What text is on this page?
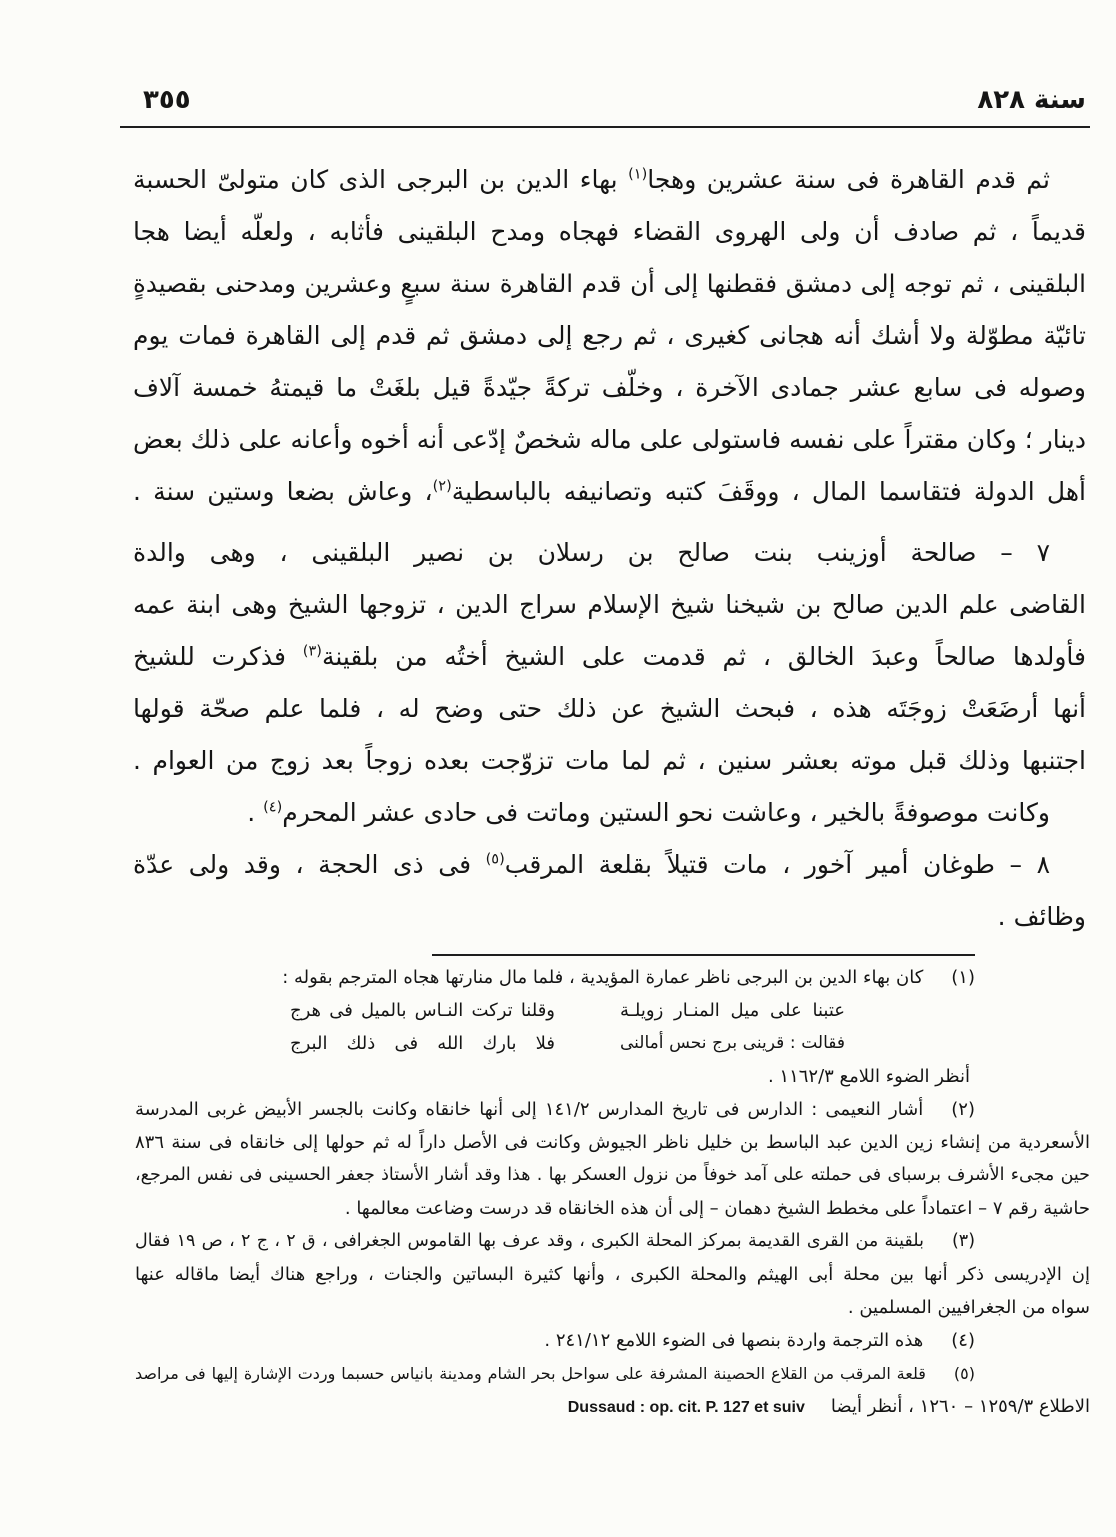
سنة ٨٢٨
٣٥٥
ثم قدم القاهرة فى سنة عشرين وهجا$^{(١)}$ بهاء الدين بن البرجى الذى كان متولىّ الحسبة
قديماً ، ثم صادف أن ولى الهروى القضاء فهجاه ومدح البلقينى فأثابه ، ولعلّه أيضا هجا
البلقينى ، ثم توجه إلى دمشق فقطنها إلى أن قدم القاهرة سنة سبعٍ وعشرين ومدحنى بقصيدةٍ
تائيّة مطوّلة ولا أشك أنه هجانى كغيرى ، ثم رجع إلى دمشق ثم قدم إلى القاهرة فمات يوم
وصوله فى سابع عشر جمادى الآخرة ، وخلّف تركةً جيّدةً قيل بلغَتْ ما قيمتهُ خمسة آلاف
دينار ؛ وكان مقتراً على نفسه فاستولى على ماله شخصٌ إدّعى أنه أخوه وأعانه على ذلك بعض
أهل الدولة فتقاسما المال ، ووقَفَ كتبه وتصانيفه بالباسطية$^{(٢)}$، وعاش بضعا وستين سنة .
٧ – صالحة أوزينب بنت صالح بن رسلان بن نصير البلقينى ، وهى والدة
القاضى علم الدين صالح بن شيخنا شيخ الإسلام سراج الدين ، تزوجها الشيخ وهى ابنة عمه
فأولدها صالحاً وعبدَ الخالق ، ثم قدمت على الشيخ أختُه من بلقينة$^{(٣)}$ فذكرت للشيخ
أنها أرضَعَتْ زوجَتَه هذه ، فبحث الشيخ عن ذلك حتى وضح له ، فلما علم صحّة قولها
اجتنبها وذلك قبل موته بعشر سنين ، ثم لما مات تزوّجت بعده زوجاً بعد زوج من العوام .
وكانت موصوفةً بالخير ، وعاشت نحو الستين وماتت فى حادى عشر المحرم$^{(٤)}$ .
٨ – طوغان أمير آخور ، مات قتيلاً بقلعة المرقب$^{(٥)}$ فى ذى الحجة ، وقد ولى عدّة
وظائف .
(١)كان بهاء الدين بن البرجى ناظر عمارة المؤيدية ، فلما مال منارتها هجاه المترجم بقوله :
عتبنا على ميل المنـار زويلـةوقلنا تركت النـاس بالميل فى هرج
فقالت : قرينى برج نحس أمالنىفلا بارك الله فى ذلك البرج
أنظر الضوء اللامع ١١٦٢/٣ .
(٢)أشار النعيمى : الدارس فى تاريخ المدارس ١٤١/٢ إلى أنها خانقاه وكانت بالجسر الأبيض غربى المدرسة
الأسعردية من إنشاء زين الدين عبد الباسط بن خليل ناظر الجيوش وكانت فى الأصل داراً له ثم حولها إلى خانقاه فى سنة ٨٣٦
حين مجىء الأشرف برسباى فى حملته على آمد خوفاً من نزول العسكر بها . هذا وقد أشار الأستاذ جعفر الحسينى فى نفس المرجع،
حاشية رقم ٧ – اعتماداً على مخطط الشيخ دهمان – إلى أن هذه الخانقاه قد درست وضاعت معالمها .
(٣)بلقينة من القرى القديمة بمركز المحلة الكبرى ، وقد عرف بها القاموس الجغرافى ، ق ٢ ، ج ٢ ، ص ١٩ فقال
إن الإدريسى ذكر أنها بين محلة أبى الهيثم والمحلة الكبرى ، وأنها كثيرة البساتين والجنات ، وراجع هناك أيضا ماقاله عنها
سواه من الجغرافيين المسلمين .
(٤)هذه الترجمة واردة بنصها فى الضوء اللامع ٢٤١/١٢ .
(٥)قلعة المرقب من القلاع الحصينة المشرفة على سواحل بحر الشام ومدينة بانياس حسبما وردت الإشارة إليها فى مراصد
الاطلاع ١٢٥٩/٣ – ١٢٦٠ ، أنظر أيضاDussaud : op. cit. P. 127 et suiv
